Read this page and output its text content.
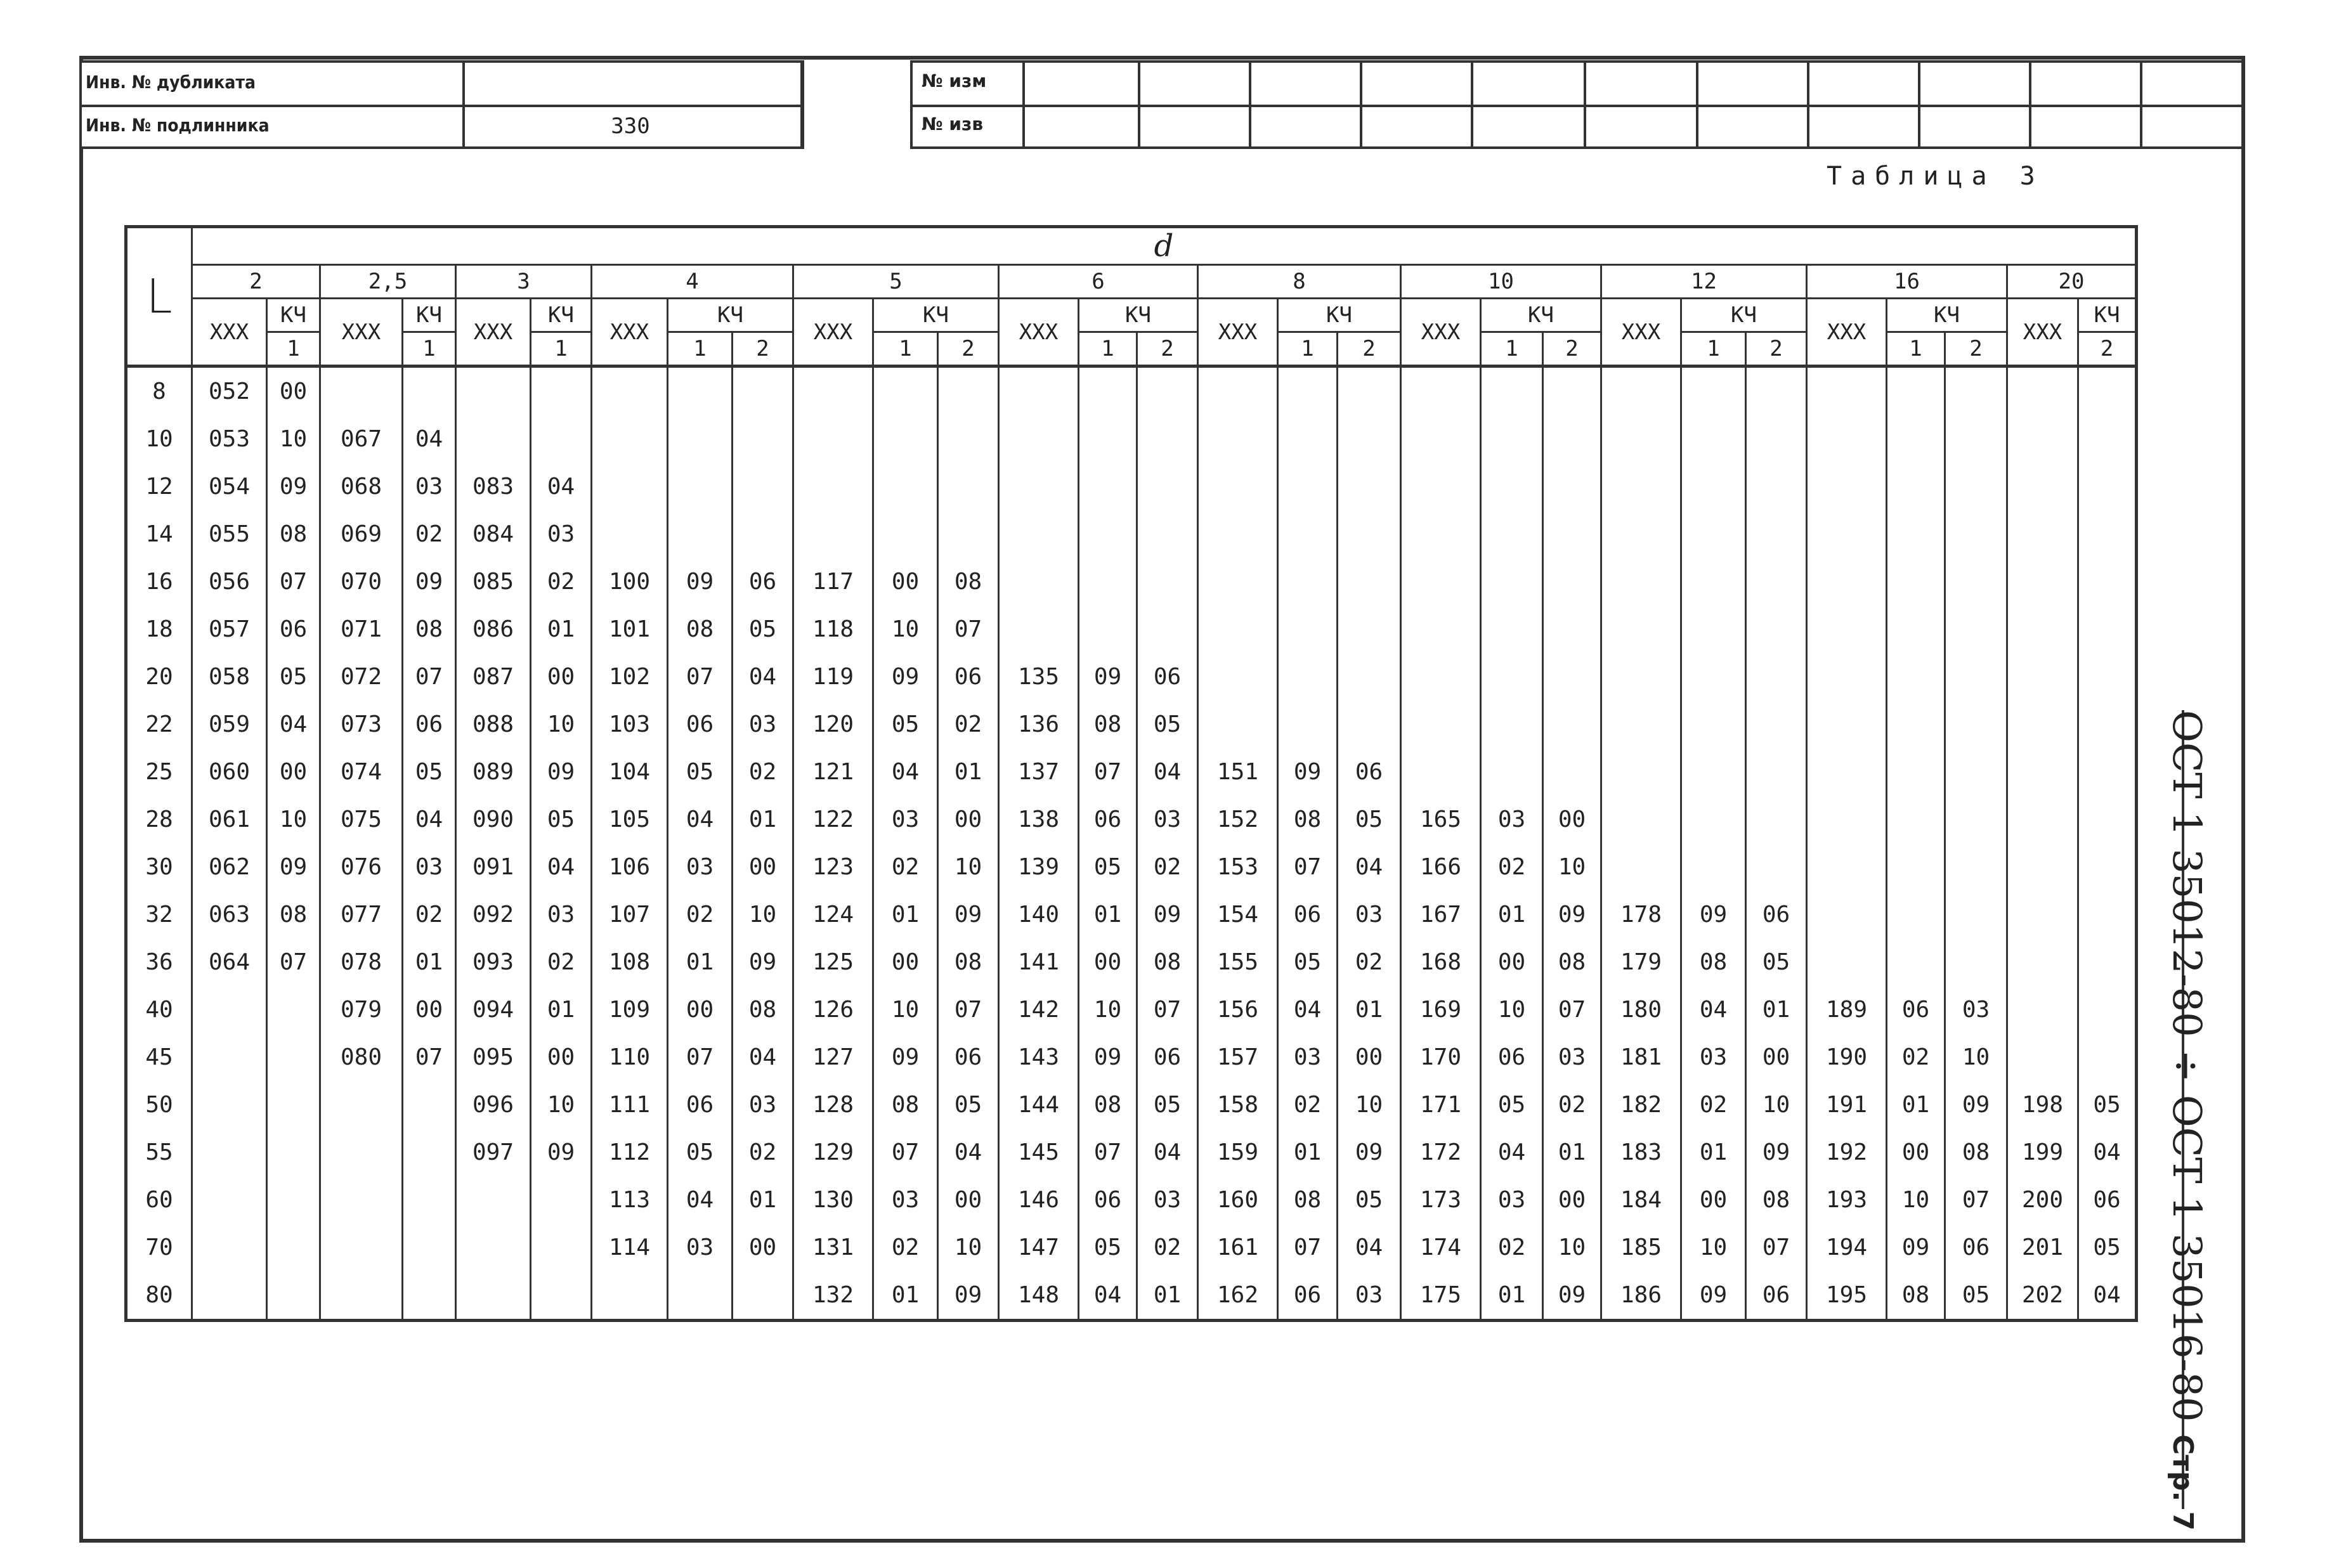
Инв. № дубликата
Инв. № подлинника	330
№ изм
№ изв
Таблица 3
L	d																												
	2		2,5		3		4			5			6			8			10			12			16			20	
	ХХХ	КЧ	ХХХ	КЧ	ХХХ	КЧ	ХХХ	КЧ		ХХХ	КЧ		ХХХ	КЧ		ХХХ	КЧ		ХХХ	КЧ		ХХХ	КЧ		ХХХ	КЧ		ХХХ	КЧ
		1		1		1		1	2		1	2		1	2		1	2		1	2		1	2		1	2		2
8	052	00																											
10	053	10	067	04																									
12	054	09	068	03	083	04																							
14	055	08	069	02	084	03																							
16	056	07	070	09	085	02	100	09	06	117	00	08																	
18	057	06	071	08	086	01	101	08	05	118	10	07																	
20	058	05	072	07	087	00	102	07	04	119	09	06	135	09	06														
22	059	04	073	06	088	10	103	06	03	120	05	02	136	08	05														
25	060	00	074	05	089	09	104	05	02	121	04	01	137	07	04	151	09	06											
28	061	10	075	04	090	05	105	04	01	122	03	00	138	06	03	152	08	05	165	03	00								
30	062	09	076	03	091	04	106	03	00	123	02	10	139	05	02	153	07	04	166	02	10								
32	063	08	077	02	092	03	107	02	10	124	01	09	140	01	09	154	06	03	167	01	09	178	09	06					
36	064	07	078	01	093	02	108	01	09	125	00	08	141	00	08	155	05	02	168	00	08	179	08	05					
40			079	00	094	01	109	00	08	126	10	07	142	10	07	156	04	01	169	10	07	180	04	01	189	06	03		
45			080	07	095	00	110	07	04	127	09	06	143	09	06	157	03	00	170	06	03	181	03	00	190	02	10		
50					096	10	111	06	03	128	08	05	144	08	05	158	02	10	171	05	02	182	02	10	191	01	09	198	05
55					097	09	112	05	02	129	07	04	145	07	04	159	01	09	172	04	01	183	01	09	192	00	08	199	04
60							113	04	01	130	03	00	146	06	03	160	08	05	173	03	00	184	00	08	193	10	07	200	06
70							114	03	00	131	02	10	147	05	02	161	07	04	174	02	10	185	10	07	194	09	06	201	05
80										132	01	09	148	04	01	162	06	03	175	01	09	186	09	06	195	08	05	202	04 ОСТ 1 35012-80 ÷ ОСТ 1 35016-80 Стр. 7
